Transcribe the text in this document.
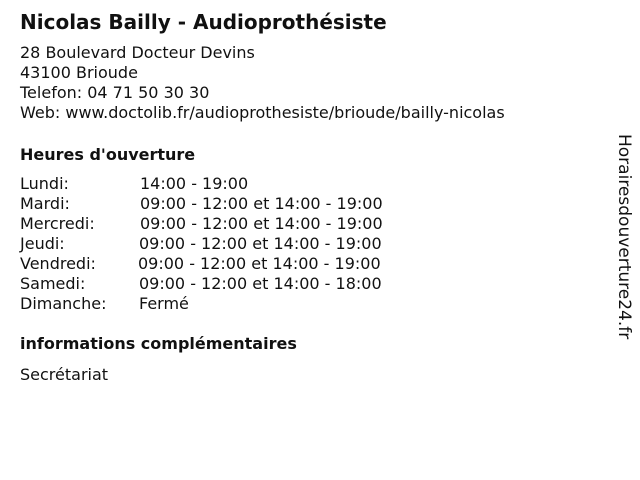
Nicolas Bailly - Audioprothésiste
28 Boulevard Docteur Devins
43100 Brioude
Telefon: 04 71 50 30 30
Web: www.doctolib.fr/audioprothesiste/brioude/bailly-nicolas
Heures d'ouverture
Lundi:	14:00 - 19:00
Mardi:	09:00 - 12:00 et 14:00 - 19:00
Mercredi:	09:00 - 12:00 et 14:00 - 19:00
Jeudi:	09:00 - 12:00 et 14:00 - 19:00
Vendredi:	09:00 - 12:00 et 14:00 - 19:00
Samedi:	09:00 - 12:00 et 14:00 - 18:00
Dimanche: Fermé
informations complémentaires
Secrétariat
Horairesdouverture24.fr
